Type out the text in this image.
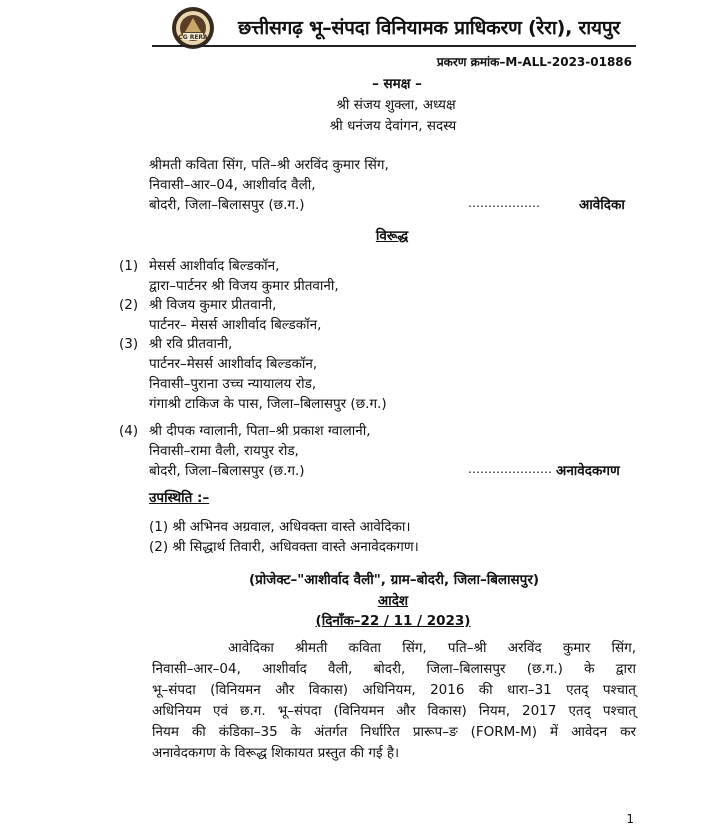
CG RERA छत्तीसगढ़ भू–संपदा विनियामक प्राधिकरण (रेरा), रायपुर
प्रकरण क्रमांक–M-ALL-2023-01886
– समक्ष –
श्री संजय शुक्ला, अध्यक्ष
श्री धनंजय देवांगन, सदस्य
श्रीमती कविता सिंग, पति–श्री अरविंद कुमार सिंग,
निवासी–आर–04, आशीर्वाद वैली,
बोदरी, जिला–बिलासपुर (छ.ग.)	………………	आवेदिका
विरूद्ध
(1) मेसर्स आशीर्वाद बिल्डकॉन,
द्वारा–पार्टनर श्री विजय कुमार प्रीतवानी,
(2) श्री विजय कुमार प्रीतवानी,
पार्टनर– मेसर्स आशीर्वाद बिल्डकॉन,
(3) श्री रवि प्रीतवानी,
पार्टनर–मेसर्स आशीर्वाद बिल्डकॉन,
निवासी–पुराना उच्च न्यायालय रोड,
गंगाश्री टाकिज के पास, जिला–बिलासपुर (छ.ग.)
(4) श्री दीपक ग्वालानी, पिता–श्री प्रकाश ग्वालानी,
निवासी–रामा वैली, रायपुर रोड,
बोदरी, जिला–बिलासपुर (छ.ग.)	………………… अनावेदकगण
उपस्थिति :–
(1) श्री अभिनव अग्रवाल, अधिवक्ता वास्ते आवेदिका।
(2) श्री सिद्धार्थ तिवारी, अधिवक्ता वास्ते अनावेदकगण।
(प्रोजेक्ट–"आशीर्वाद वैली", ग्राम–बोदरी, जिला–बिलासपुर)
आदेश
(दिनाँक–22 / 11 / 2023)
आवेदिका श्रीमती कविता सिंग, पति–श्री अरविंद कुमार सिंग,
निवासी–आर–04, आशीर्वाद वैली, बोदरी, जिला–बिलासपुर (छ.ग.) के द्वारा
भू–संपदा (विनियमन और विकास) अधिनियम, 2016 की धारा–31 एतद् पश्चात्
अधिनियम एवं छ.ग. भू–संपदा (विनियमन और विकास) नियम, 2017 एतद् पश्चात्
नियम की कंडिका–35 के अंतर्गत निर्धारित प्रारूप–ङ (FORM-M) में आवेदन कर
अनावेदकगण के विरूद्ध शिकायत प्रस्तुत की गई है।
1
